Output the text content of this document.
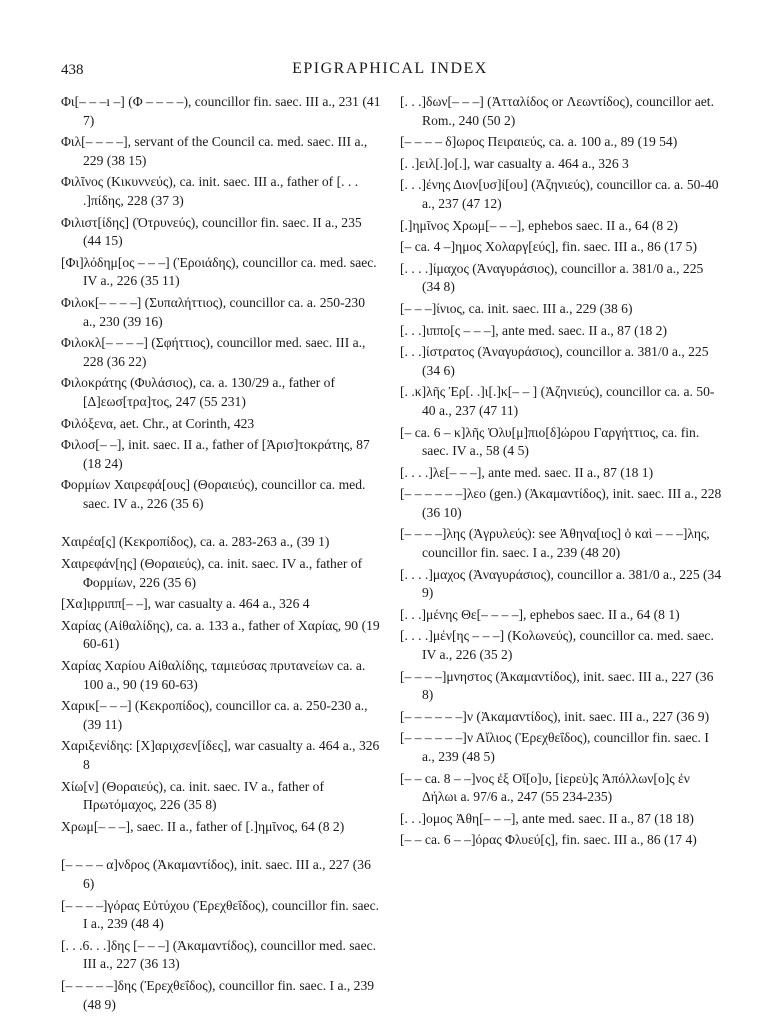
438	EPIGRAPHICAL INDEX
Φι[– – –ı –] (Φ – – – –), councillor fin. saec. III a., 231 (41 7)
Φιλ[– – – –], servant of the Council ca. med. saec. III a., 229 (38 15)
Φιλῖνος (Κικυννεύς), ca. init. saec. III a., father of [. . . .]πίδης, 228 (37 3)
Φιλιστ[ίδης] (Ὀτρυνεύς), councillor fin. saec. II a., 235 (44 15)
[Φι]λόδημ[ος – – –] (Ἐροιάδης), councillor ca. med. saec. IV a., 226 (35 11)
Φιλοκ[– – – –] (Συπαλήττιος), councillor ca. a. 250-230 a., 230 (39 16)
Φιλοκλ[– – – –] (Σφήττιος), councillor med. saec. III a., 228 (36 22)
Φιλοκράτης (Φυλάσιος), ca. a. 130/29 a., father of [Δ]εωσ[τρα]τος, 247 (55 231)
Φιλόξενα, aet. Chr., at Corinth, 423
Φιλοσ[– –], init. saec. II a., father of [Ἀρισ]τοκράτης, 87 (18 24)
Φορμίων Χαιρεφά[ους] (Θοραιεύς), councillor ca. med. saec. IV a., 226 (35 6)
Χαιρέα[ς] (Κεκροπίδος), ca. a. 283-263 a., (39 1)
Χαιρεφάν[ης] (Θοραιεύς), ca. init. saec. IV a., father of Φορμίων, 226 (35 6)
[Χα]ιρριππ[– –], war casualty a. 464 a., 326 4
Χαρίας (Αἰθαλίδης), ca. a. 133 a., father of Χαρίας, 90 (19 60-61)
Χαρίας Χαρίου Αἰθαλίδης, ταμιεύσας πρυτανείων ca. a. 100 a., 90 (19 60-63)
Χαρικ[– – –] (Κεκροπίδος), councillor ca. a. 250-230 a., (39 11)
Χαριξενίδης: [Χ]αριχσεν[ίδες], war casualty a. 464 a., 326 8
Χίω[ν] (Θοραιεύς), ca. init. saec. IV a., father of Πρωτόμαχος, 226 (35 8)
Χρωμ[– – –], saec. II a., father of [.]ημῖνος, 64 (8 2)
[– – – – α]νδρος (Ἀκαμαντίδος), init. saec. III a., 227 (36 6)
[– – – –]γόρας Εὐτύχου (Ἐρεχθεΐδος), councillor fin. saec. I a., 239 (48 4)
[. . .6. . .]δης [– – –] (Ἀκαμαντίδος), councillor med. saec. III a., 227 (36 13)
[– – – – –]δης (Ἐρεχθεΐδος), councillor fin. saec. I a., 239 (48 9)
[. . .]δων[– – –] (Ἀτταλίδος or Λεωντίδος), councillor aet. Rom., 240 (50 2)
[– – – – δ]ωρος Πειραιεύς, ca. a. 100 a., 89 (19 54)
[. .]ειλ[.]ο[.], war casualty a. 464 a., 326 3
[. . .]ένης Διον[υσ]ί[ου] (Ἀζηνιεύς), councillor ca. a. 50-40 a., 237 (47 12)
[.]ημῖνος Χρωμ[– – –], ephebos saec. II a., 64 (8 2)
[– ca. 4 –]ημος Χολαργ[εύς], fin. saec. III a., 86 (17 5)
[. . . .]ίμαχος (Ἀναγυράσιος), councillor a. 381/0 a., 225 (34 8)
[– – –]ίνιος, ca. init. saec. III a., 229 (38 6)
[. . .]ιππο[ς – – –], ante med. saec. II a., 87 (18 2)
[. . .]ίστρατος (Ἀναγυράσιος), councillor a. 381/0 a., 225 (34 6)
[. .κ]λῆς Ἐρ[. .]ι[.]κ[– – ] (Ἀζηνιεύς), councillor ca. a. 50-40 a., 237 (47 11)
[– ca. 6 – κ]λῆς Ὀλυ[μ]πιο[δ]ώρου Γαργήττιος, ca. fin. saec. IV a., 58 (4 5)
[. . . .]λε[– – –], ante med. saec. II a., 87 (18 1)
[– – – – – –]λεο (gen.) (Ἀκαμαντίδος), init. saec. III a., 228 (36 10)
[– – – –]λης (Ἀγρυλεύς): see Ἀθηνα[ιος] ὁ καὶ – – –]λης, councillor fin. saec. I a., 239 (48 20)
[. . . .]μαχος (Ἀναγυράσιος), councillor a. 381/0 a., 225 (34 9)
[. . .]μένης Θε[– – – –], ephebos saec. II a., 64 (8 1)
[. . . .]μέν[ης – – –] (Κολωνεύς), councillor ca. med. saec. IV a., 226 (35 2)
[– – – –]μνηστος (Ἀκαμαντίδος), init. saec. III a., 227 (36 8)
[– – – – – –]ν (Ἀκαμαντίδος), init. saec. III a., 227 (36 9)
[– – – – – –]ν Αἴλιος (Ἐρεχθεΐδος), councillor fin. saec. I a., 239 (48 5)
[– – ca. 8 – –]νος ἐξ Οἴ[ο]υ, [ἱερεὺ]ς Ἀπόλλων[ο]ς ἐν Δήλωι a. 97/6 a., 247 (55 234-235)
[. . .]ομος Ἀθη[– – –], ante med. saec. II a., 87 (18 18)
[– – ca. 6 – –]όρας Φλυεύ[ς], fin. saec. III a., 86 (17 4)
